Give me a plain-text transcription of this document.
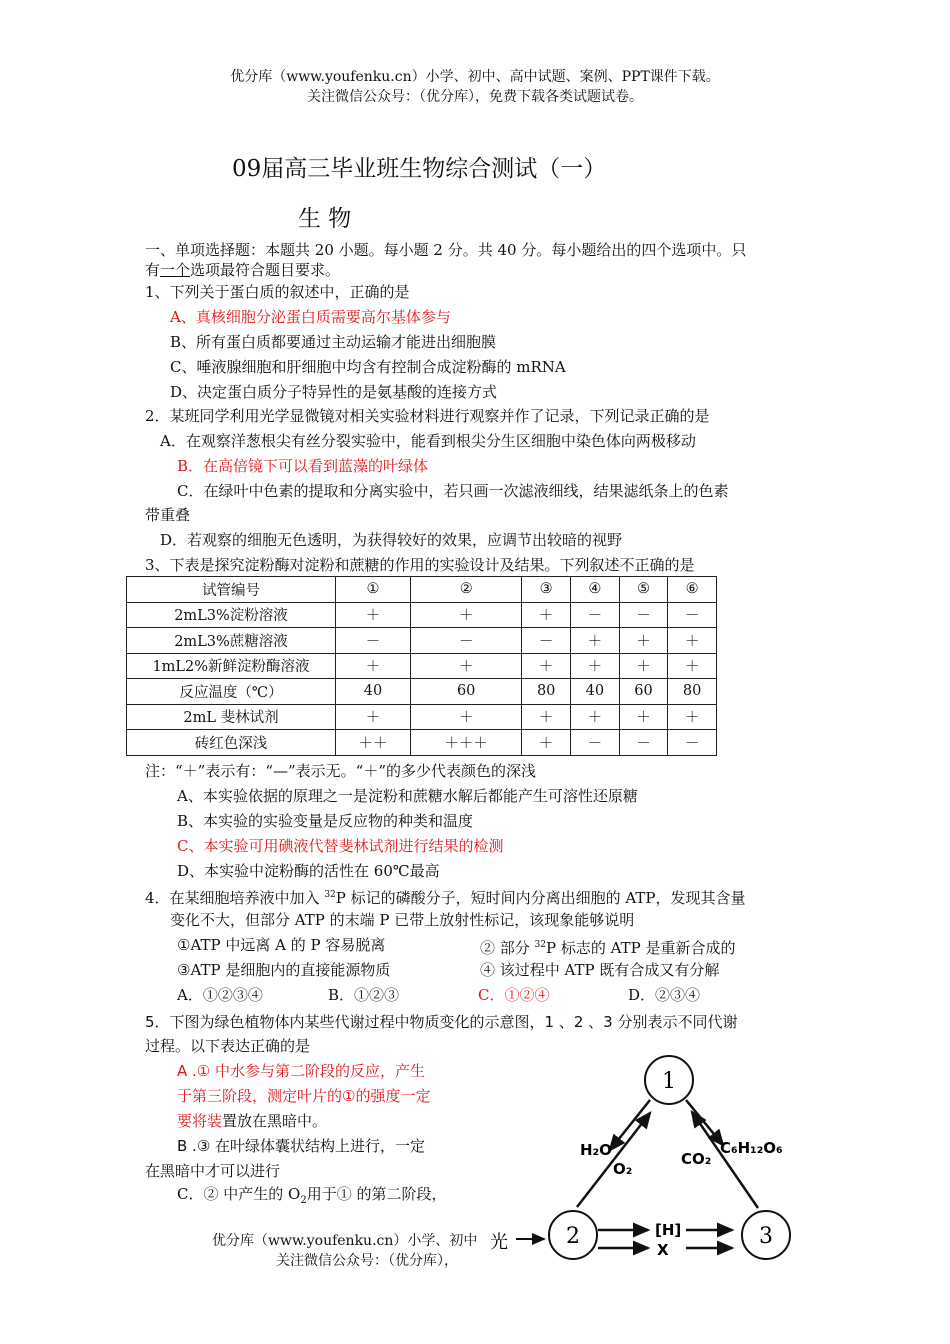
优分库（www.youfenku.cn）小学、初中、高中试题、案例、PPT课件下载。
关注微信公众号：（优分库），免费下载各类试题试卷。
09届高三毕业班生物综合测试（一）
生 物
一、单项选择题：本题共 20 小题。每小题 2 分。共 40 分。每小题给出的四个选项中。只
有一个选项最符合题目要求。
1、下列关于蛋白质的叙述中，正确的是
A、真核细胞分泌蛋白质需要高尔基体参与
B、所有蛋白质都要通过主动运输才能进出细胞膜
C、唾液腺细胞和肝细胞中均含有控制合成淀粉酶的 mRNA
D、决定蛋白质分子特异性的是氨基酸的连接方式
2．某班同学利用光学显微镜对相关实验材料进行观察并作了记录，下列记录正确的是
A．在观察洋葱根尖有丝分裂实验中，能看到根尖分生区细胞中染色体向两极移动
B．在高倍镜下可以看到蓝藻的叶绿体
C．在绿叶中色素的提取和分离实验中，若只画一次滤液细线，结果滤纸条上的色素
带重叠
D．若观察的细胞无色透明，为获得较好的效果，应调节出较暗的视野
3、下表是探究淀粉酶对淀粉和蔗糖的作用的实验设计及结果。下列叙述不正确的是
试管编号	①	②	③	④	⑤	⑥
2mL3%淀粉溶液	＋	＋	＋	－	－	－
2mL3%蔗糖溶液	－	－	－	＋	＋	＋
1mL2%新鲜淀粉酶溶液	＋	＋	＋	＋	＋	＋
反应温度（℃）	40	60	80	40	60	80
2mL 斐林试剂	＋	＋	＋	＋	＋	＋
砖红色深浅	＋＋	＋＋＋	＋	－	－	－
注：“＋”表示有：“—”表示无。“＋”的多少代表颜色的深浅
A、本实验依据的原理之一是淀粉和蔗糖水解后都能产生可溶性还原糖
B、本实验的实验变量是反应物的种类和温度
C、本实验可用碘液代替斐林试剂进行结果的检测
D、本实验中淀粉酶的活性在 60℃最高
4．在某细胞培养液中加入 $^{32}$P 标记的磷酸分子，短时间内分离出细胞的 ATP，发现其含量
变化不大，但部分 ATP 的末端 P 已带上放射性标记，该现象能够说明
①ATP 中远离 A 的 P 容易脱离	② 部分 $^{32}$P 标志的 ATP 是重新合成的
③ATP 是细胞内的直接能源物质	④ 该过程中 ATP 既有合成又有分解
A．①②③④	B．①②③	C．①②④	D．②③④
5．下图为绿色植物体内某些代谢过程中物质变化的示意图，1 、2 、3 分别表示不同代谢
过程。以下表达正确的是
A .① 中水参与第二阶段的反应，产生
于第三阶段，测定叶片的①的强度一定
要将装置放在黑暗中。
B .③ 在叶绿体囊状结构上进行，一定
在黑暗中才可以进行
C．② 中产生的 $O_2$用于① 的第二阶段，
1
2	3
H₂O
O₂
CO₂
C₆H₁₂O₆
光
[H]
X
优分库（www.youfenku.cn）小学、初中
关注微信公众号：（优分库），
